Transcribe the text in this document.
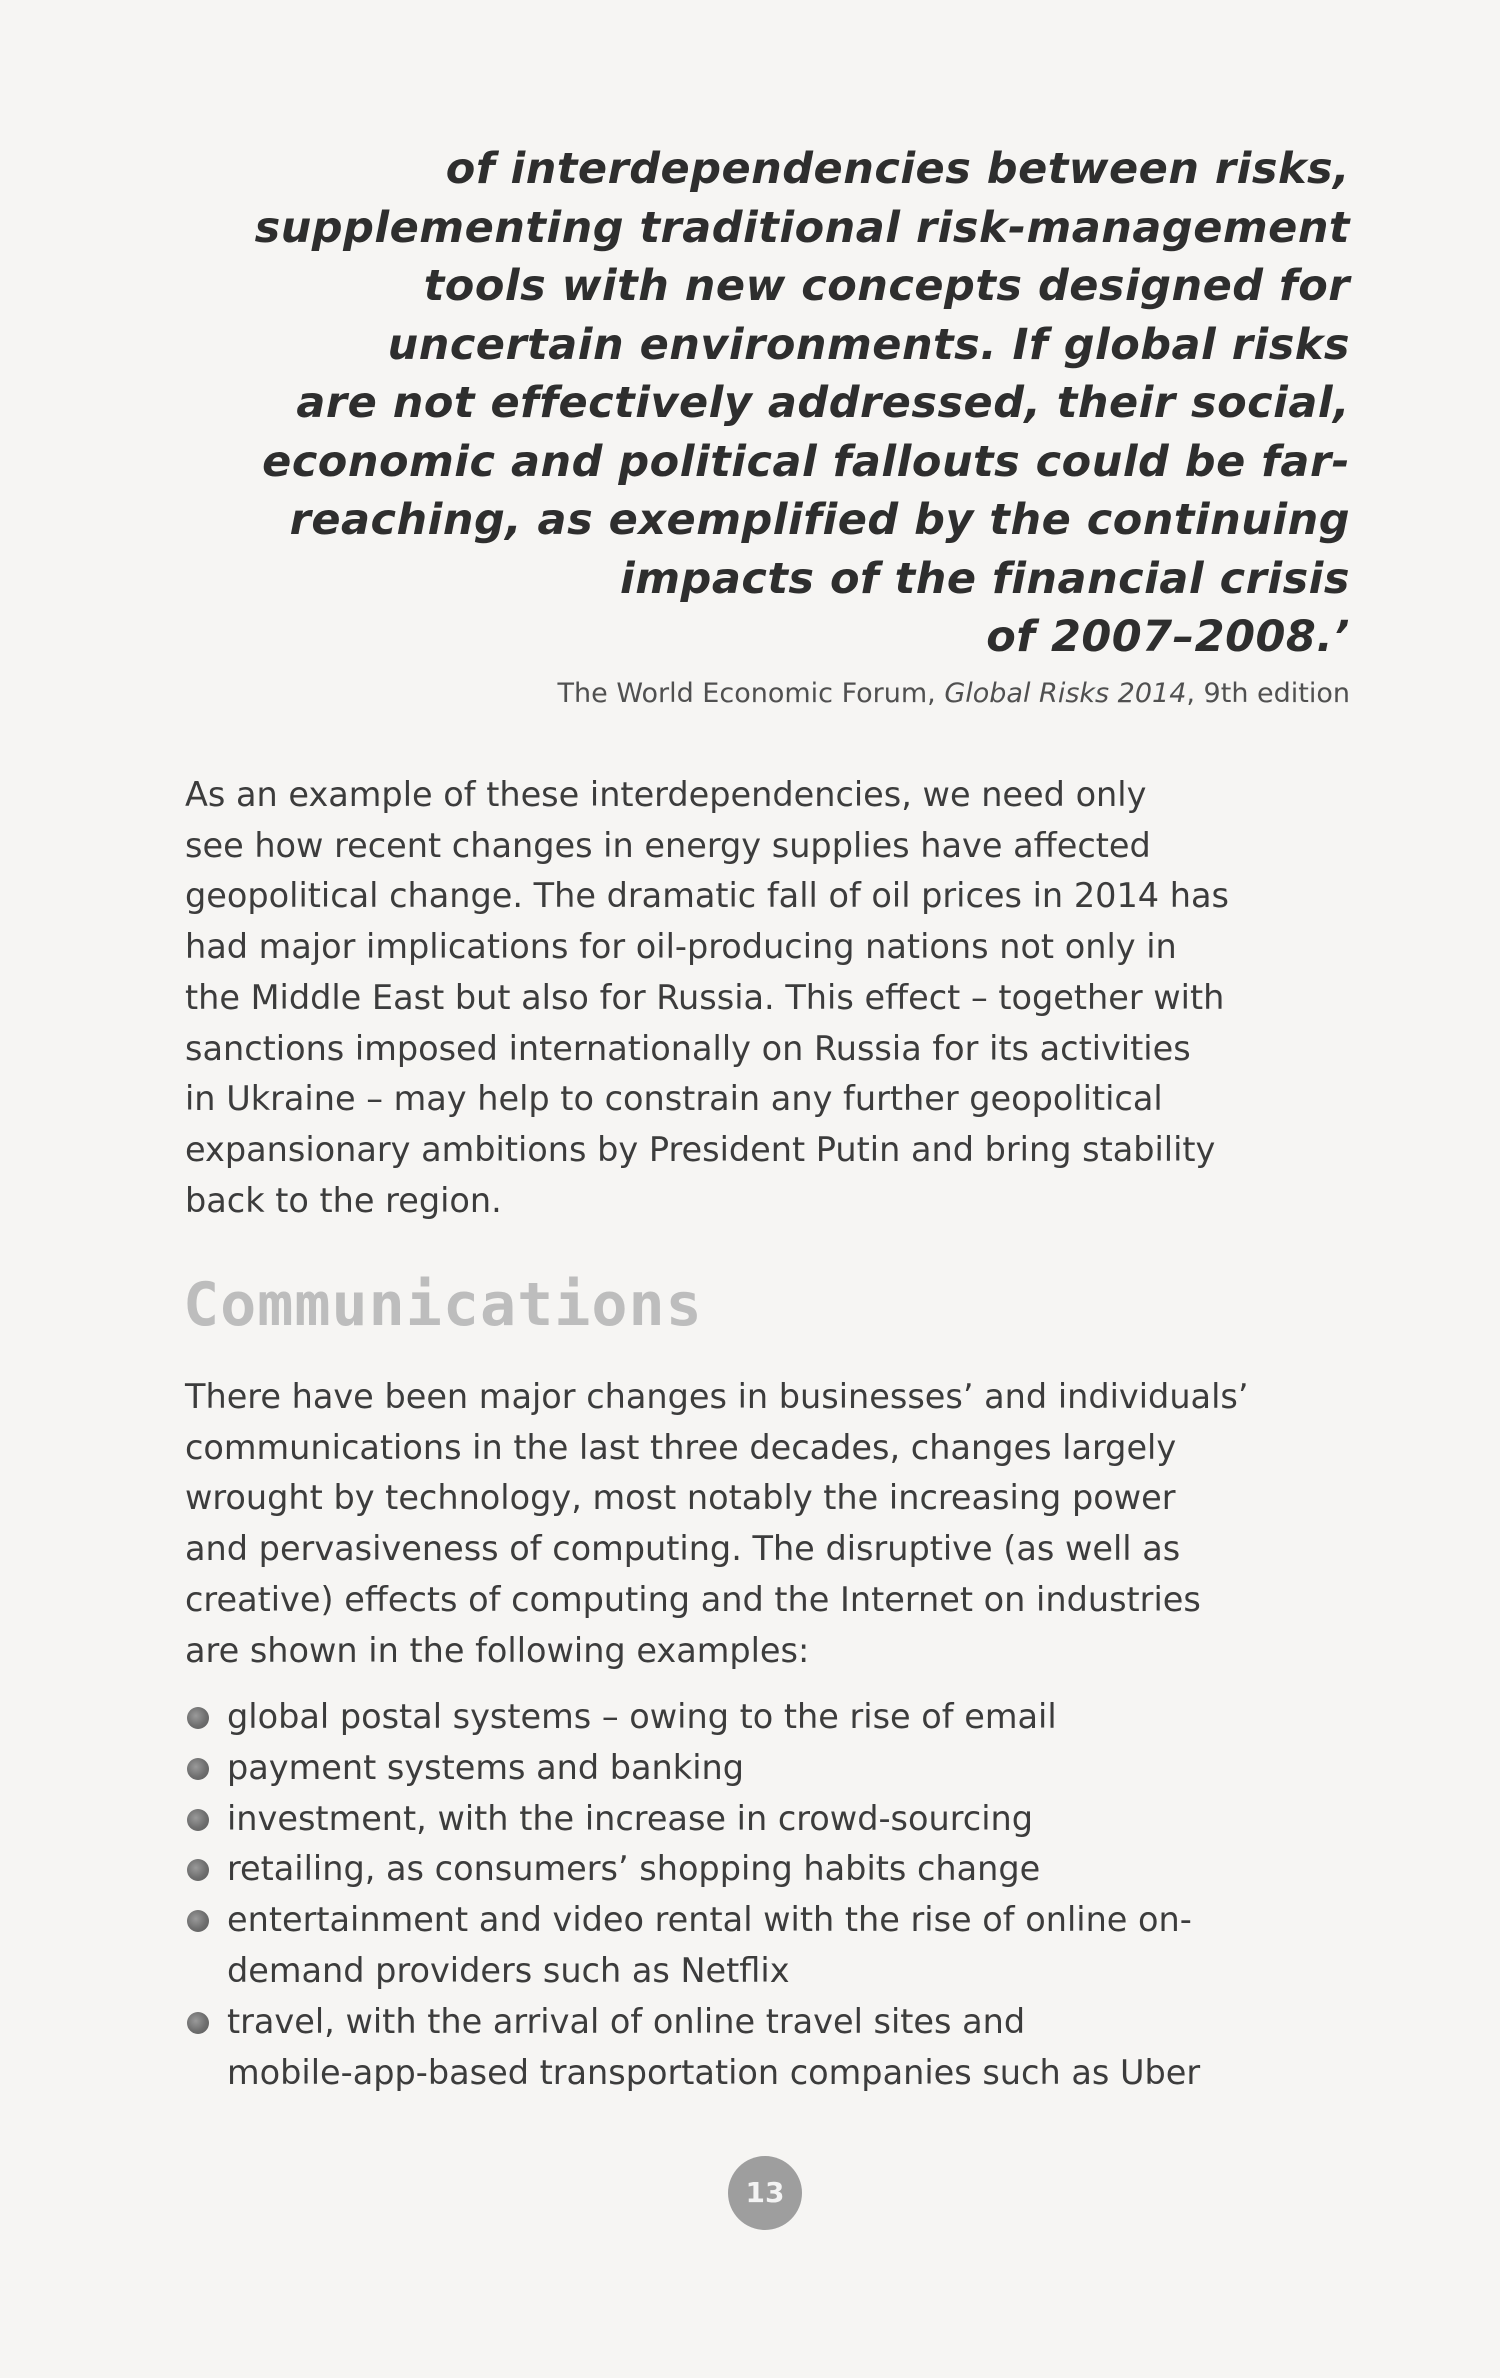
of interdependencies between risks,
supplementing traditional risk-management
tools with new concepts designed for
uncertain environments. If global risks
are not effectively addressed, their social,
economic and political fallouts could be far-
reaching, as exemplified by the continuing
impacts of the financial crisis
of 2007–2008.’
The World Economic Forum, Global Risks 2014, 9th edition
As an example of these interdependencies, we need only
see how recent changes in energy supplies have affected
geopolitical change. The dramatic fall of oil prices in 2014 has
had major implications for oil-producing nations not only in
the Middle East but also for Russia. This effect – together with
sanctions imposed internationally on Russia for its activities
in Ukraine – may help to constrain any further geopolitical
expansionary ambitions by President Putin and bring stability
back to the region.
Communications
There have been major changes in businesses’ and individuals’
communications in the last three decades, changes largely
wrought by technology, most notably the increasing power
and pervasiveness of computing. The disruptive (as well as
creative) effects of computing and the Internet on industries
are shown in the following examples:
global postal systems – owing to the rise of email
payment systems and banking
investment, with the increase in crowd-sourcing
retailing, as consumers’ shopping habits change
entertainment and video rental with the rise of online on-
demand providers such as Netflix
travel, with the arrival of online travel sites and
mobile-app-based transportation companies such as Uber
13
